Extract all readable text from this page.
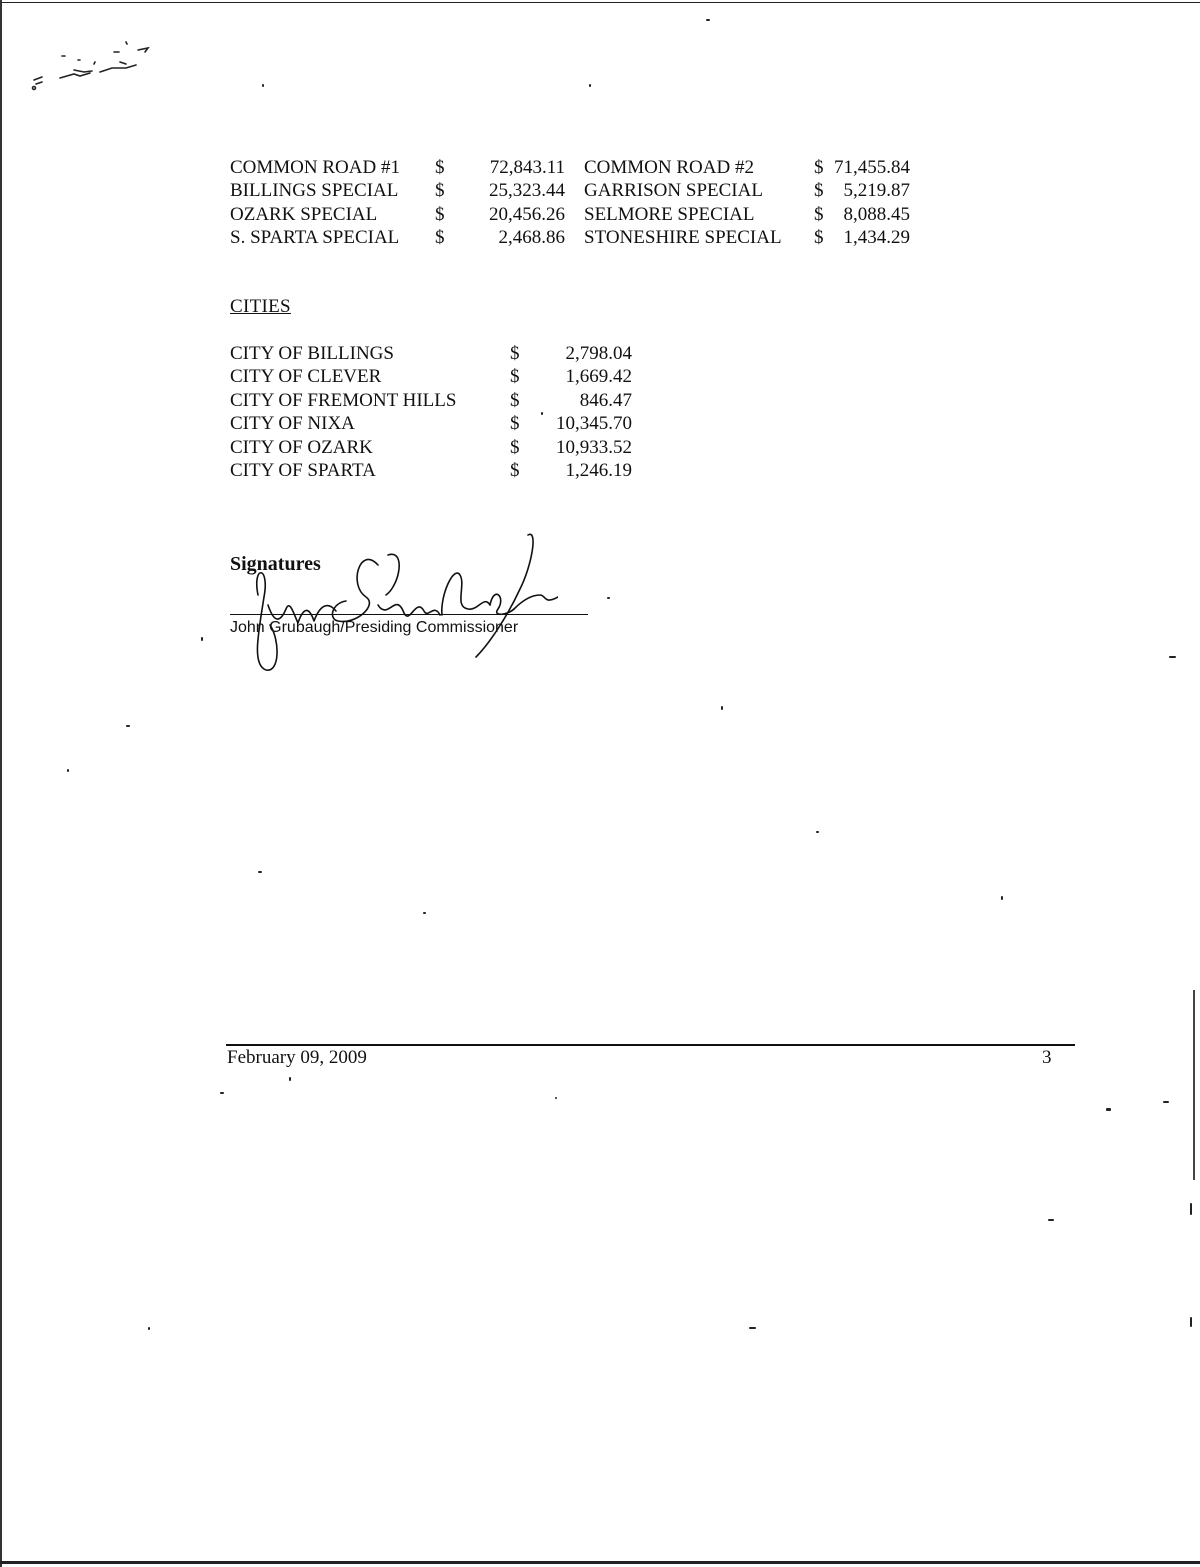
COMMON ROAD #1	$	72,843.11	COMMON ROAD #2	$	71,455.84
BILLINGS SPECIAL	$	25,323.44	GARRISON SPECIAL	$	5,219.87
OZARK SPECIAL	$	20,456.26	SELMORE SPECIAL	$	8,088.45
S. SPARTA SPECIAL	$	2,468.86	STONESHIRE SPECIAL	$	1,434.29
CITIES
CITY OF BILLINGS	$	2,798.04
CITY OF CLEVER	$	1,669.42
CITY OF FREMONT HILLS	$	846.47
CITY OF NIXA	$	10,345.70
CITY OF OZARK	$	10,933.52
CITY OF SPARTA	$	1,246.19
Signatures
John Grubaugh/Presiding Commissioner
February 09, 2009	3
